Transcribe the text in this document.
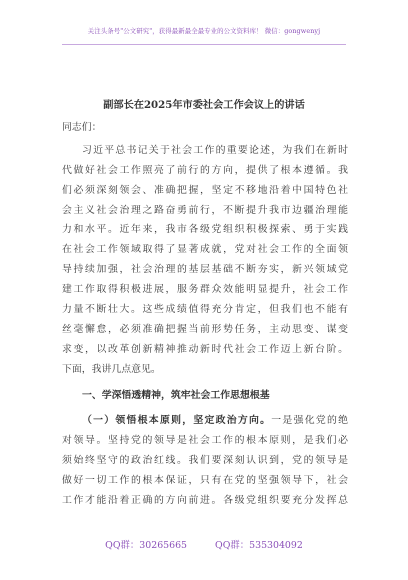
关注头条号"公文研究"，获得最新最全最专业的公文资料库！ 微信：gongwenyj
副部长在2025年市委社会工作会议上的讲话
同志们：
习近平总书记关于社会工作的重要论述，为我们在新时
代做好社会工作照亮了前行的方向，提供了根本遵循。我
们必须深刻领会、准确把握，坚定不移地沿着中国特色社
会主义社会治理之路奋勇前行，不断提升我市边疆治理能
力和水平。近年来，我市各级党组织积极探索、勇于实践
在社会工作领域取得了显著成就，党对社会工作的全面领
导持续加强，社会治理的基层基础不断夯实，新兴领域党
建工作取得积极进展，服务群众效能明显提升，社会工作
力量不断壮大。这些成绩值得充分肯定，但我们也不能有
丝毫懈怠，必须准确把握当前形势任务，主动思变、谋变
求变，以改革创新精神推动新时代社会工作迈上新台阶。
下面，我讲几点意见。
一、学深悟透精神，筑牢社会工作思想根基
（一）领悟根本原则，坚定政治方向。一是强化党的绝
对领导。坚持党的领导是社会工作的根本原则，是我们必
须始终坚守的政治红线。我们要深刻认识到，党的领导是
做好一切工作的根本保证，只有在党的坚强领导下，社会
工作才能沿着正确的方向前进。各级党组织要充分发挥总
QQ群：30265665	QQ群：535304092
